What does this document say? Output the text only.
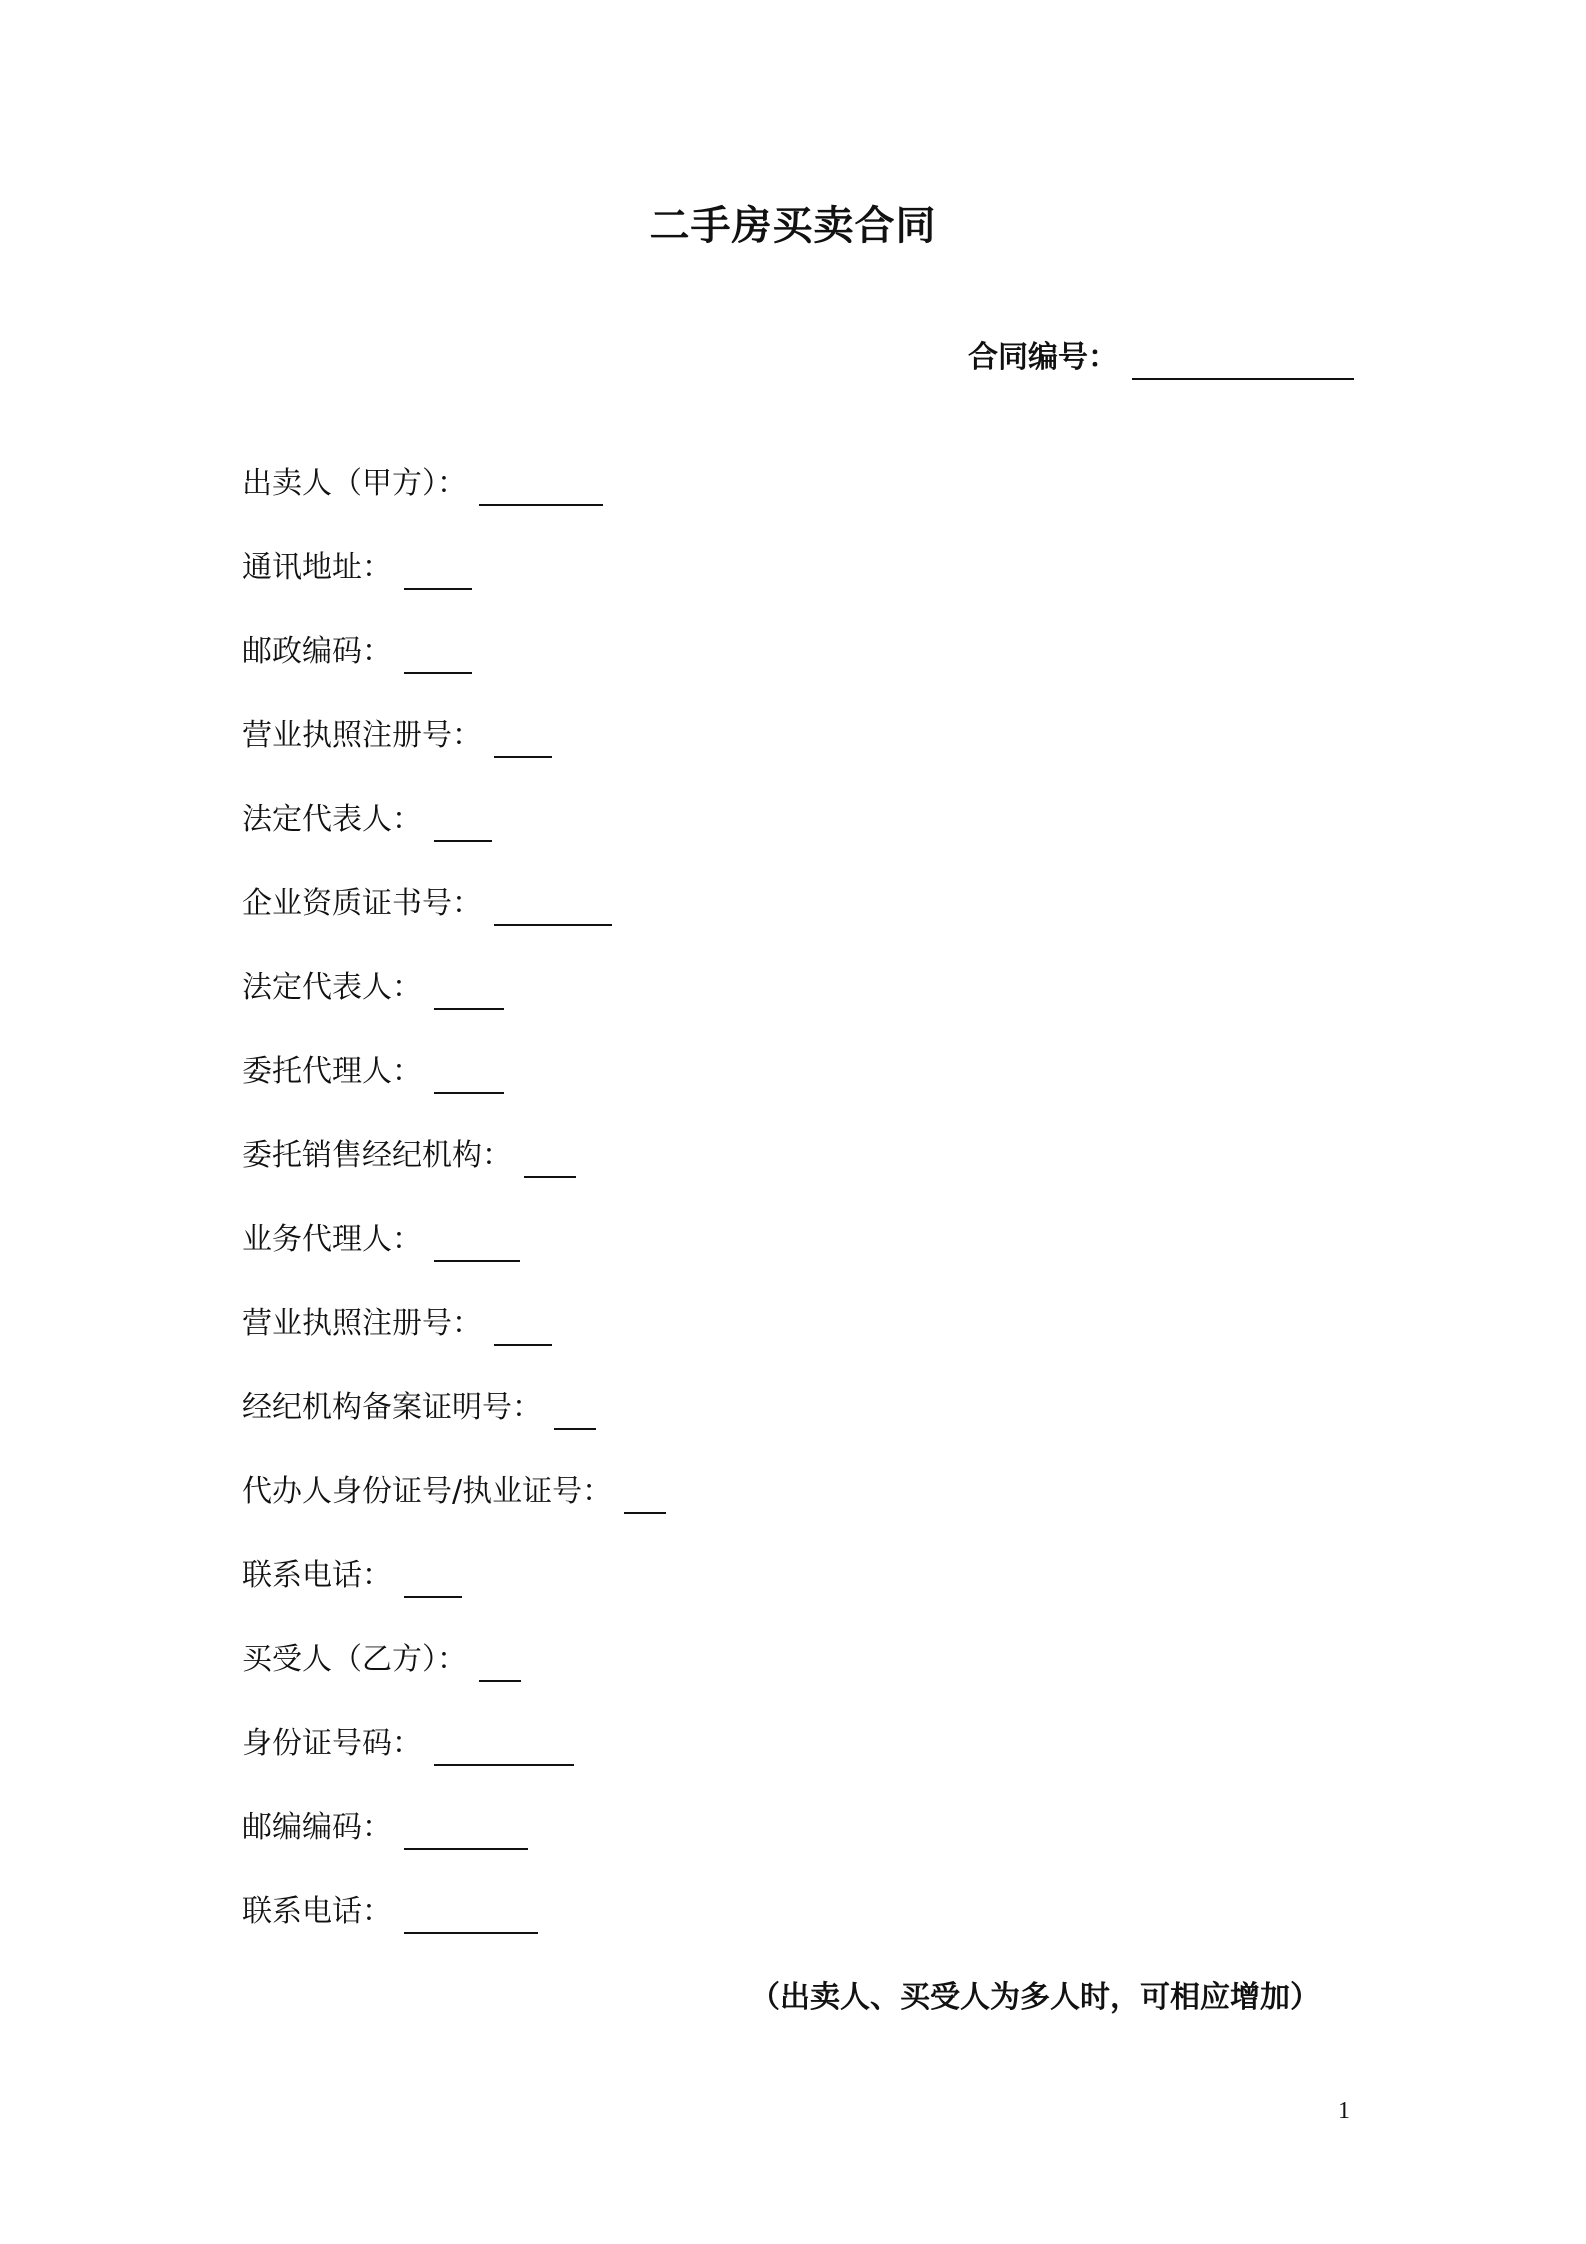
二手房买卖合同
合同编号：
出卖人（甲方）：
通讯地址：
邮政编码：
营业执照注册号：
法定代表人：
企业资质证书号：
法定代表人：
委托代理人：
委托销售经纪机构：
业务代理人：
营业执照注册号：
经纪机构备案证明号：
代办人身份证号/执业证号：
联系电话：
买受人（乙方）：
身份证号码：
邮编编码：
联系电话：
（出卖人、买受人为多人时，可相应增加）
1
